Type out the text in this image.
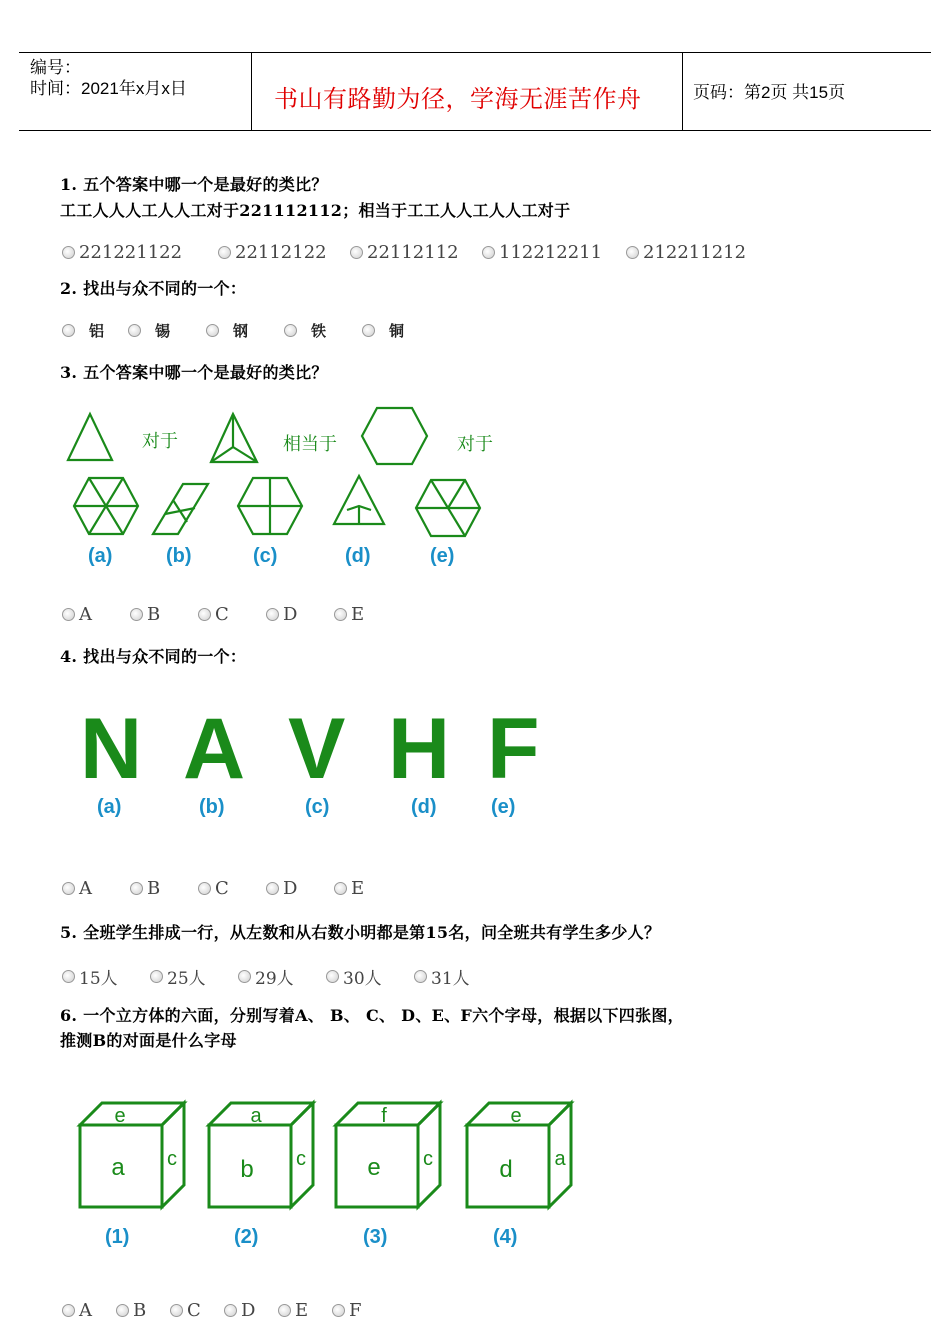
编号：
时间：2021年x月x日	书山有路勤为径，学海无涯苦作舟	页码：第2页 共15页
1. 五个答案中哪一个是最好的类比？
工工人人人工人人工对于221112112；相当于工工人人工人人工对于
221221122	22112122 22112112 112212211 212211212
2. 找出与众不同的一个：
铝	锡	钢	铁	铜
3. 五个答案中哪一个是最好的类比？
对于	相当于	对于
(a)	(b)	(c)	(d)	(e)
A	B	C	D	E
4. 找出与众不同的一个：
N A V H F
(a)	(b)	(c)	(d)	(e)
A	B	C	D	E
5. 全班学生排成一行，从左数和从右数小明都是第15名，问全班共有学生多少人？
15人	25人	29人	30人	31人
6. 一个立方体的六面，分别写着A、 B、 C、 D、E、F六个字母，根据以下四张图，
推测B的对面是什么字母
e
a c
a
b c
f
e c
e
d a
(1)	(2)	(3)	(4)
A B C D E F
